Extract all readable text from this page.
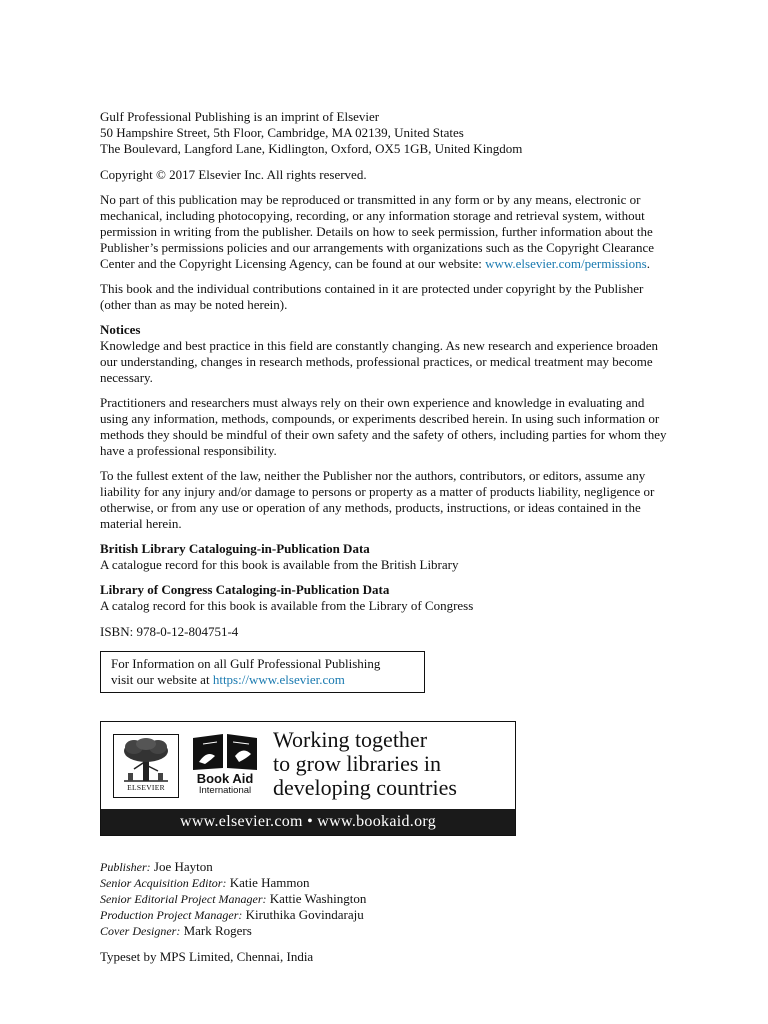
Gulf Professional Publishing is an imprint of Elsevier

50 Hampshire Street, 5th Floor, Cambridge, MA 02139, United States

The Boulevard, Langford Lane, Kidlington, Oxford, OX5 1GB, United Kingdom

Copyright © 2017 Elsevier Inc. All rights reserved.

No part of this publication may be reproduced or transmitted in any form or by any means, electronic or mechanical, including photocopying, recording, or any information storage and retrieval system, without permission in writing from the publisher. Details on how to seek permission, further information about the Publisher’s permissions policies and our arrangements with organizations such as the Copyright Clearance Center and the Copyright Licensing Agency, can be found at our website: www.elsevier.com/permissions.

This book and the individual contributions contained in it are protected under copyright by the Publisher (other than as may be noted herein).

Notices

Knowledge and best practice in this field are constantly changing. As new research and experience broaden our understanding, changes in research methods, professional practices, or medical treatment may become necessary.

Practitioners and researchers must always rely on their own experience and knowledge in evaluating and using any information, methods, compounds, or experiments described herein. In using such information or methods they should be mindful of their own safety and the safety of others, including parties for whom they have a professional responsibility.

To the fullest extent of the law, neither the Publisher nor the authors, contributors, or editors, assume any liability for any injury and/or damage to persons or property as a matter of products liability, negligence or otherwise, or from any use or operation of any methods, products, instructions, or ideas contained in the material herein.

British Library Cataloguing-in-Publication Data

A catalogue record for this book is available from the British Library

Library of Congress Cataloging-in-Publication Data

A catalog record for this book is available from the Library of Congress

ISBN: 978-0-12-804751-4

For Information on all Gulf Professional Publishing

visit our website at https://www.elsevier.com

ELSEVIER
Book Aid
International
Working together
to grow libraries in
developing countries
www.elsevier.com • www.bookaid.org

Publisher: Joe Hayton

Senior Acquisition Editor: Katie Hammon

Senior Editorial Project Manager: Kattie Washington

Production Project Manager: Kiruthika Govindaraju

Cover Designer: Mark Rogers

Typeset by MPS Limited, Chennai, India
